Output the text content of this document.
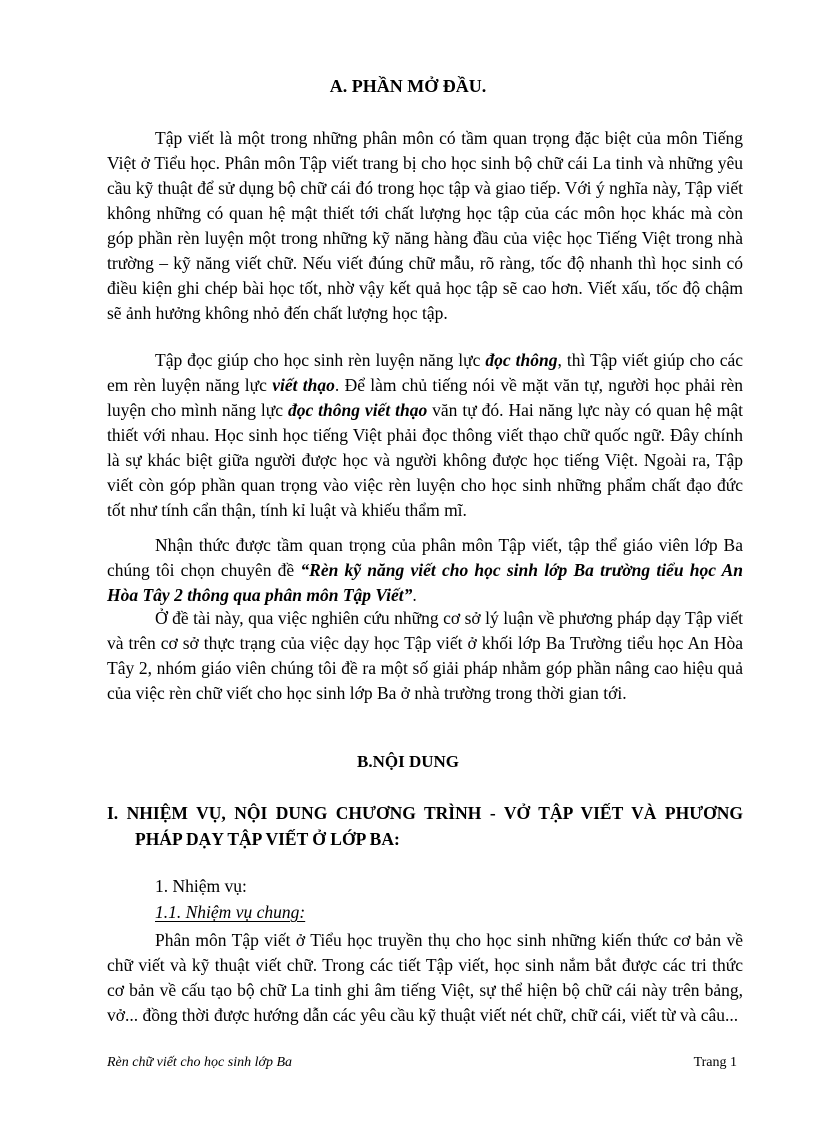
A. PHẦN MỞ ĐẦU.

Tập viết là một trong những phân môn có tầm quan trọng đặc biệt của môn Tiếng Việt ở Tiểu học. Phân môn Tập viết trang bị cho học sinh bộ chữ cái La tinh và những yêu cầu kỹ thuật để sử dụng bộ chữ cái đó trong học tập và giao tiếp. Với ý nghĩa này, Tập viết không những có quan hệ mật thiết tới chất lượng học tập của các môn học khác mà còn góp phần rèn luyện một trong những kỹ năng hàng đầu của việc học Tiếng Việt trong nhà trường – kỹ năng viết chữ. Nếu viết đúng chữ mẫu, rõ ràng, tốc độ nhanh thì học sinh có điều kiện ghi chép bài học tốt, nhờ vậy kết quả học tập sẽ cao hơn. Viết xấu, tốc độ chậm sẽ ảnh hưởng không nhỏ đến chất lượng học tập.

Tập đọc giúp cho học sinh rèn luyện năng lực đọc thông, thì Tập viết giúp cho các em rèn luyện năng lực viết thạo. Để làm chủ tiếng nói về mặt văn tự, người học phải rèn luyện cho mình năng lực đọc thông viết thạo văn tự đó. Hai năng lực này có quan hệ mật thiết với nhau. Học sinh học tiếng Việt phải đọc thông viết thạo chữ quốc ngữ. Đây chính là sự khác biệt giữa người được học và người không được học tiếng Việt. Ngoài ra, Tập viết còn góp phần quan trọng vào việc rèn luyện cho học sinh những phẩm chất đạo đức tốt như tính cẩn thận, tính kỉ luật và khiếu thẩm mĩ.

Nhận thức được tầm quan trọng của phân môn Tập viết, tập thể giáo viên lớp Ba chúng tôi chọn chuyên đề “Rèn kỹ năng viết cho học sinh lớp Ba trường tiểu học An Hòa Tây 2 thông qua phân môn Tập Viết”.

Ở đề tài này, qua việc nghiên cứu những cơ sở lý luận về phương pháp dạy Tập viết và trên cơ sở thực trạng của việc dạy học Tập viết ở khối lớp Ba Trường tiểu học An Hòa Tây 2, nhóm giáo viên chúng tôi đề ra một số giải pháp nhằm góp phần nâng cao hiệu quả của việc rèn chữ viết cho học sinh lớp Ba ở nhà trường trong thời gian tới.

B.NỘI DUNG
I. NHIỆM VỤ, NỘI DUNG CHƯƠNG TRÌNH - VỞ TẬP VIẾT VÀ PHƯƠNG PHÁP DẠY TẬP VIẾT Ở LỚP BA:

1. Nhiệm vụ:

1.1. Nhiệm vụ chung:

Phân môn Tập viết ở Tiểu học truyền thụ cho học sinh những kiến thức cơ bản về chữ viết và kỹ thuật viết chữ. Trong các tiết Tập viết, học sinh nắm bắt được các tri thức cơ bản về cấu tạo bộ chữ La tinh ghi âm tiếng Việt, sự thể hiện bộ chữ cái này trên bảng, vở... đồng thời được hướng dẫn các yêu cầu kỹ thuật viết nét chữ, chữ cái, viết từ và câu...

Rèn chữ viết cho học sinh lớp Ba	Trang 1
